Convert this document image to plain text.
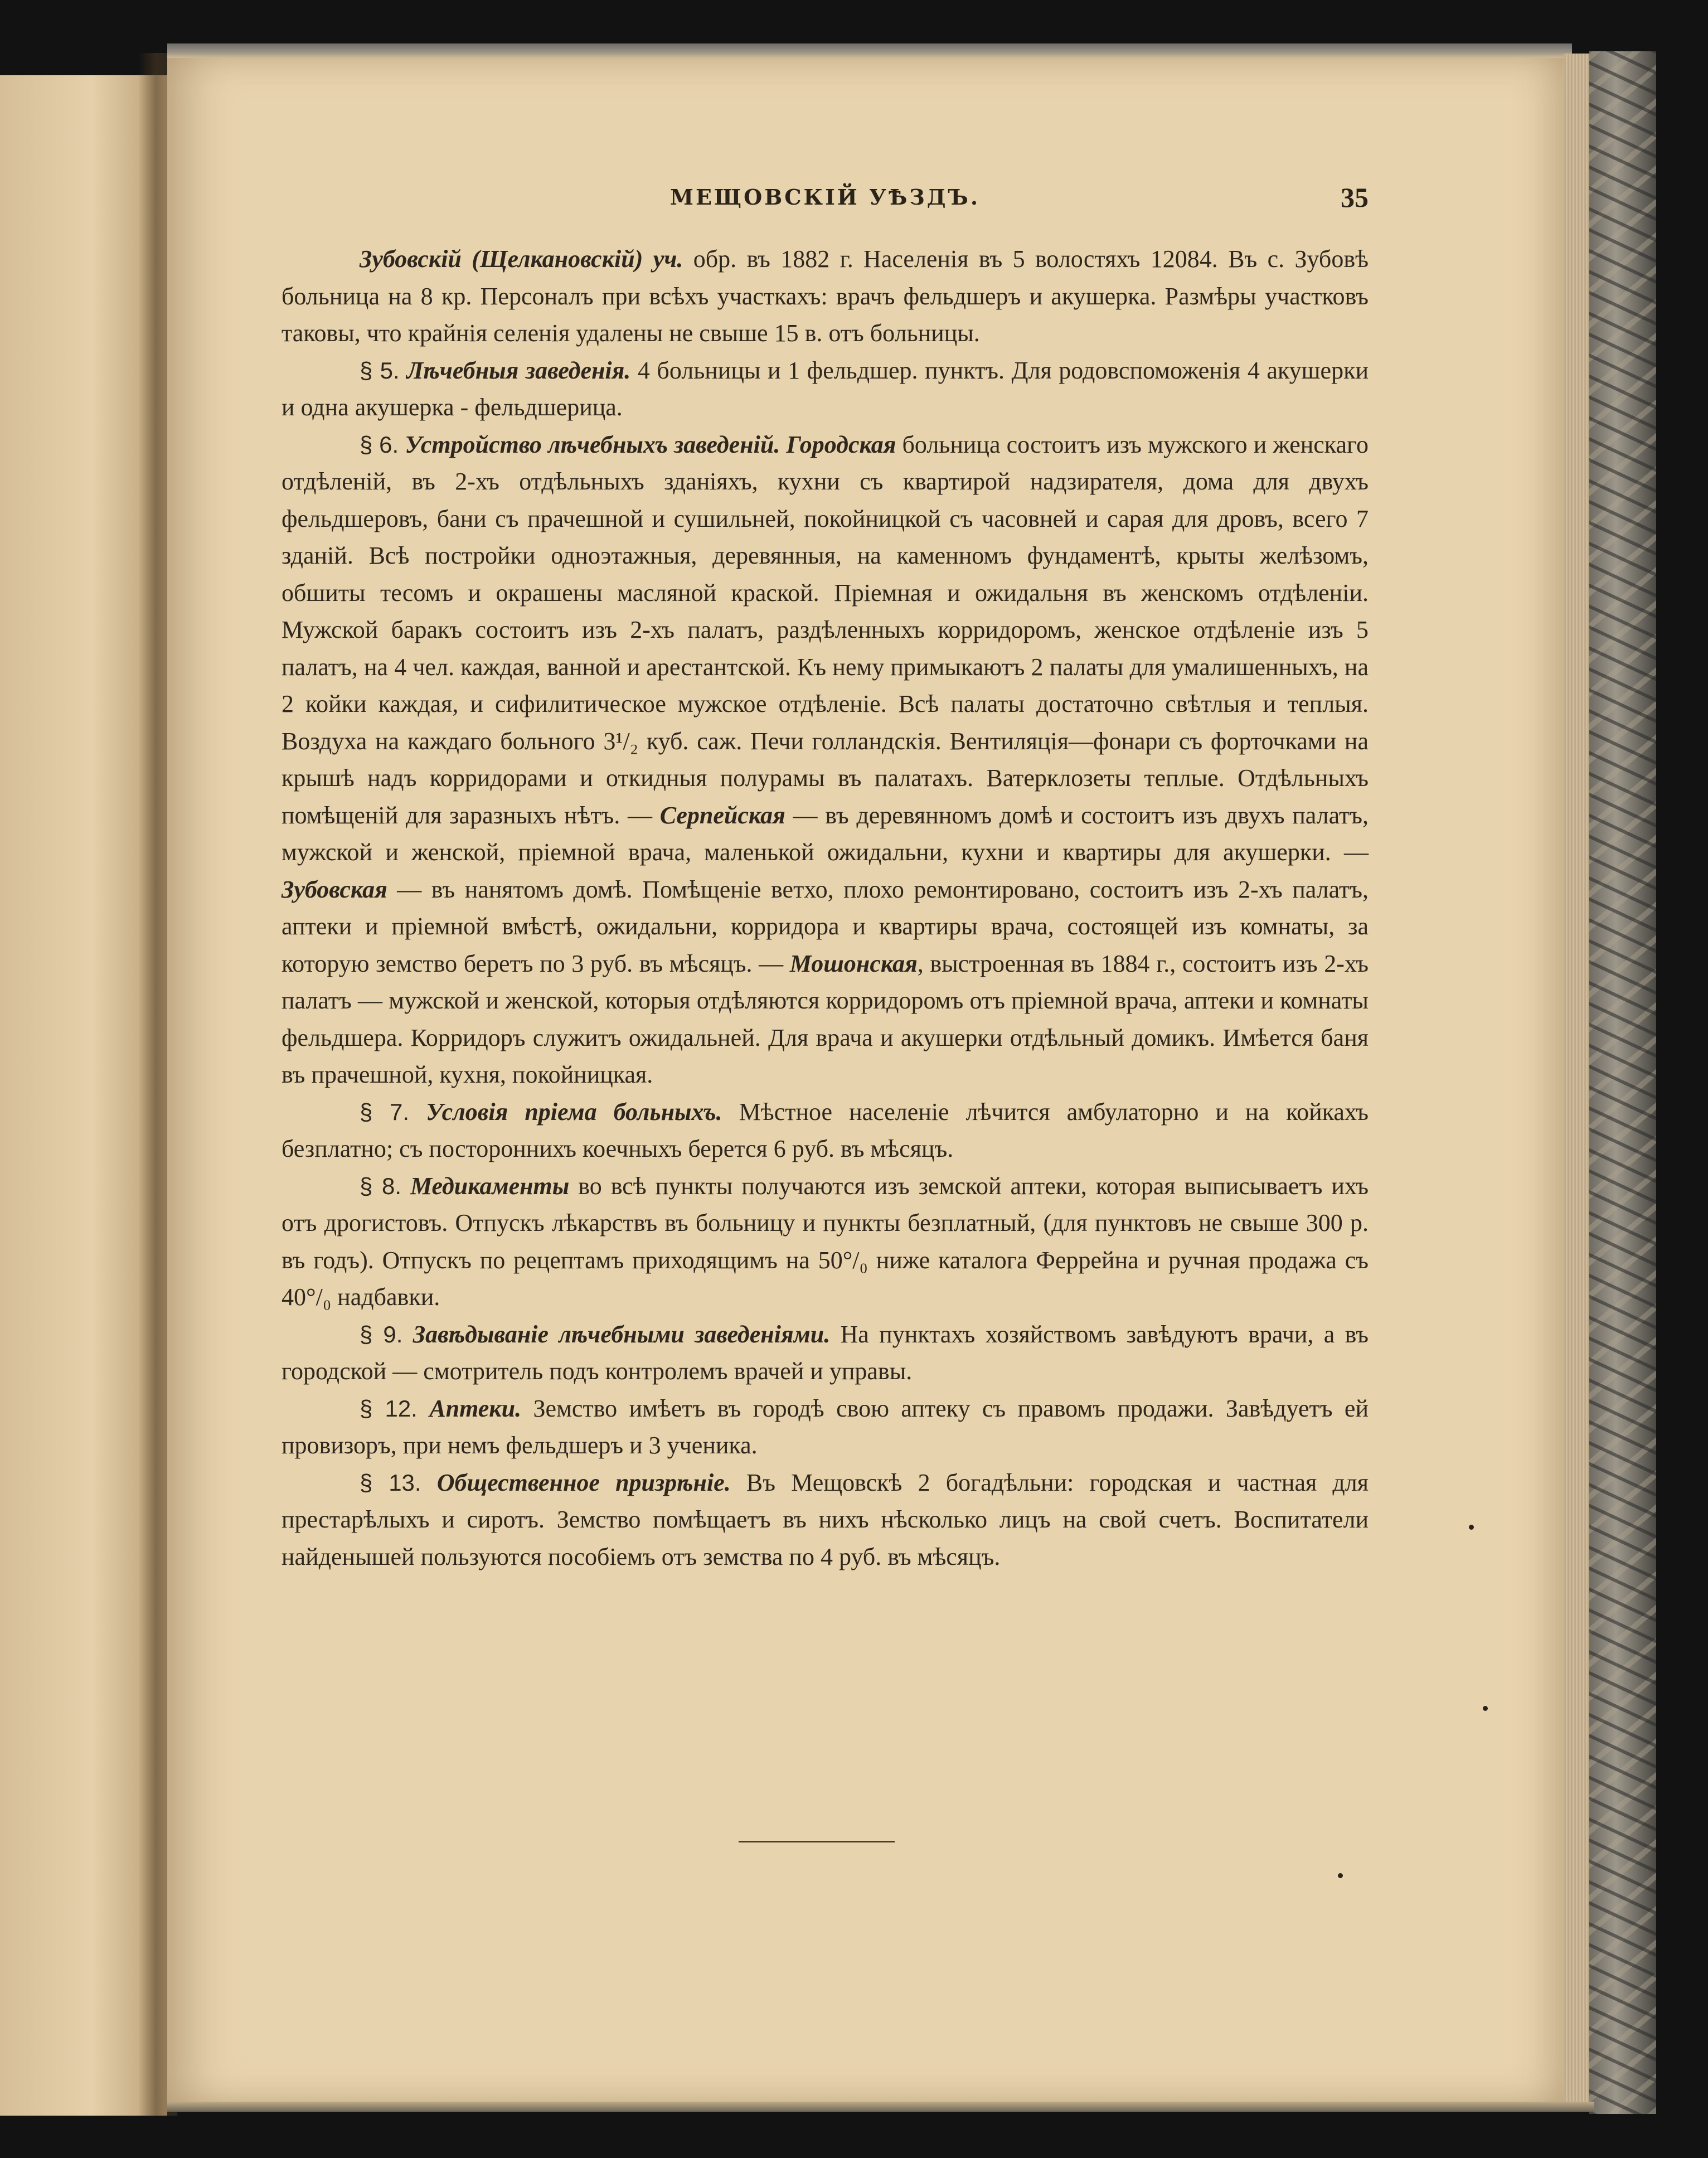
МЕЩОВСКІЙ УѢЗДЪ.	35

Зубовскій (Щелкановскій) уч. обр. въ 1882 г. Населенія въ 5 волостяхъ 12084. Въ с. Зубовѣ больница на 8 кр. Персоналъ при всѣхъ участкахъ: врачъ фельдшеръ и акушерка. Размѣры участковъ таковы, что крайнія селенія удалены не свыше 15 в. отъ больницы.

§ 5. Лѣчебныя заведенія. 4 больницы и 1 фельдшер. пунктъ. Для родовспоможенія 4 акушерки и одна акушерка - фельдшерица.

§ 6. Устройство лѣчебныхъ заведеній. Городская больница состоитъ изъ мужского и женскаго отдѣленій, въ 2-хъ отдѣльныхъ зданіяхъ, кухни съ квартирой надзирателя, дома для двухъ фельдшеровъ, бани съ прачешной и сушильней, покойницкой съ часовней и сарая для дровъ, всего 7 зданій. Всѣ постройки одноэтажныя, деревянныя, на каменномъ фундаментѣ, крыты желѣзомъ, обшиты тесомъ и окрашены масляной краской. Пріемная и ожидальня въ женскомъ отдѣленіи. Мужской баракъ состоитъ изъ 2-хъ палатъ, раздѣленныхъ корридоромъ, женское отдѣленіе изъ 5 палатъ, на 4 чел. каждая, ванной и арестантской. Къ нему примыкаютъ 2 палаты для умалишенныхъ, на 2 койки каждая, и сифилитическое мужское отдѣленіе. Всѣ палаты достаточно свѣтлыя и теплыя. Воздуха на каждаго больного 3¹/₂ куб. саж. Печи голландскія. Вентиляція—фонари съ форточками на крышѣ надъ корридорами и откидныя полурамы въ палатахъ. Ватерклозеты теплые. Отдѣльныхъ помѣщеній для заразныхъ нѣтъ. — Серпейская — въ деревянномъ домѣ и состоитъ изъ двухъ палатъ, мужской и женской, пріемной врача, маленькой ожидальни, кухни и квартиры для акушерки. — Зубовская — въ нанятомъ домѣ. Помѣщеніе ветхо, плохо ремонтировано, состоитъ изъ 2-хъ палатъ, аптеки и пріемной вмѣстѣ, ожидальни, корридора и квартиры врача, состоящей изъ комнаты, за которую земство беретъ по 3 руб. въ мѣсяцъ. — Мошонская, выстроенная въ 1884 г., состоитъ изъ 2-хъ палатъ — мужской и женской, которыя отдѣляются корридоромъ отъ пріемной врача, аптеки и комнаты фельдшера. Корридоръ служитъ ожидальней. Для врача и акушерки отдѣльный домикъ. Имѣется баня въ прачешной, кухня, покойницкая.

§ 7. Условія пріема больныхъ. Мѣстное населеніе лѣчится амбулаторно и на койкахъ безплатно; съ постороннихъ коечныхъ берется 6 руб. въ мѣсяцъ.

§ 8. Медикаменты во всѣ пункты получаются изъ земской аптеки, которая выписываетъ ихъ отъ дрогистовъ. Отпускъ лѣкарствъ въ больницу и пункты безплатный, (для пунктовъ не свыше 300 р. въ годъ). Отпускъ по рецептамъ приходящимъ на 50°/₀ ниже каталога Феррейна и ручная продажа съ 40°/₀ надбавки.

§ 9. Завѣдываніе лѣчебными заведеніями. На пунктахъ хозяйствомъ завѣдуютъ врачи, а въ городской — смотритель подъ контролемъ врачей и управы.

§ 12. Аптеки. Земство имѣетъ въ городѣ свою аптеку съ правомъ продажи. Завѣдуетъ ей провизоръ, при немъ фельдшеръ и 3 ученика.

§ 13. Общественное призрѣніе. Въ Мещовскѣ 2 богадѣльни: городская и частная для престарѣлыхъ и сиротъ. Земство помѣщаетъ въ нихъ нѣсколько лицъ на свой счетъ. Воспитатели найденышей пользуются пособіемъ отъ земства по 4 руб. въ мѣсяцъ.
